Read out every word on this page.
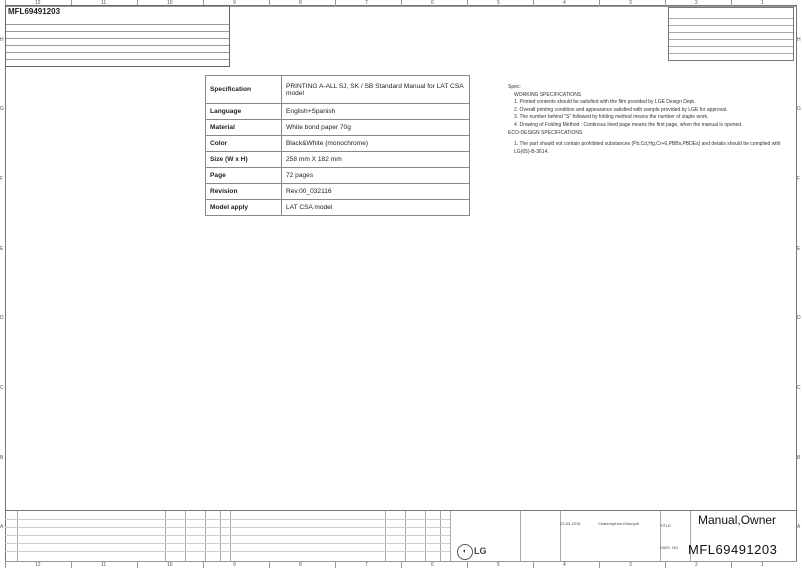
12	11	10	9	8	7	6	5	4	3	2	1
12	11	10	9	8	7	6	5	4	3	2	1
H
G
F
E
D
C
B
A
H
G
F
E
D
C
B
A
MFL69491203
Specification	PRINTING A-ALL SJ, SK / SB Standard Manual for LAT CSA model
Language	English+Spanish
Material	White bond paper 70g
Color	Black&White (monochrome)
Size (W x H)	258 mm X 182 mm
Page	72 pages
Revision	Rev.00_032116
Model apply	LAT CSA model

Spec:

WORKING SPECIFICATIONS

1. Printed contents should be satisfied with the film provided by LGE Design Dept.

2. Overall printing condition and appearance satisfied with sample provided by LGE for approval.

3. The number behind "S" followed by folding method means the number of staple work.

4. Drawing of Folding Method : Continous lined page means the first page, when the manual is opened.

ECO-DESIGN SPECIFICATIONS

1. The part should not contain prohibited substances (Pb,Cd,Hg,Cr+6,PBBs,PBDEs) and details should be complied with LG(65)-B-3614.

◐ LG
22-03-2016	Chalermphon Khamyai	TITLE
DWG. NO
Manual,Owner
MFL69491203
